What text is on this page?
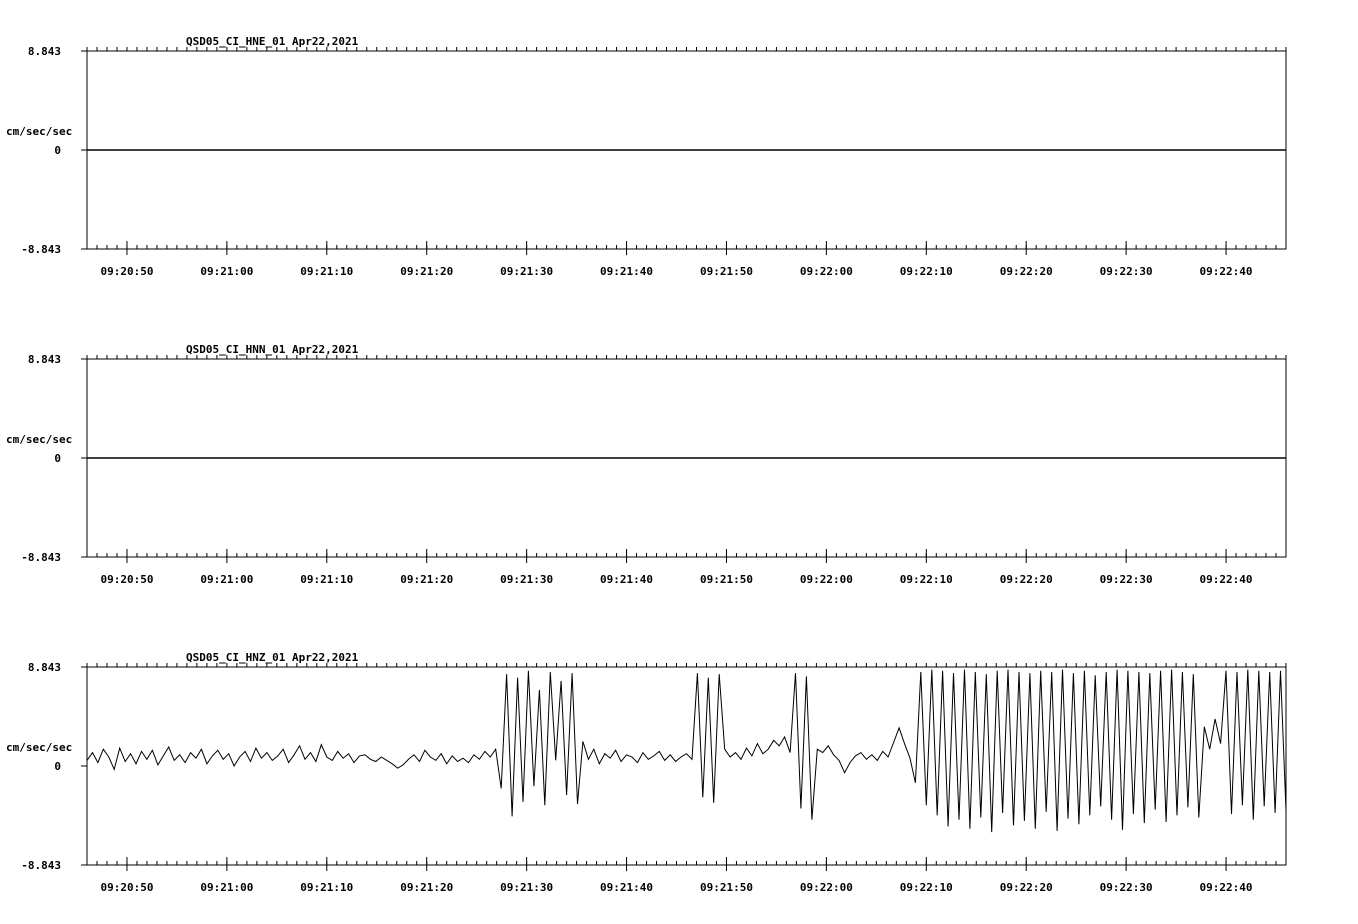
QSD05_CI_HNE_01 Apr22,2021
cm/sec/sec
8.843
0
-8.843
09:20:50	09:21:00	09:21:10	09:21:20	09:21:30	09:21:40	09:21:50	09:22:00	09:22:10	09:22:20	09:22:30	09:22:40
QSD05_CI_HNN_01 Apr22,2021
cm/sec/sec
8.843
0
-8.843
09:20:50	09:21:00	09:21:10	09:21:20	09:21:30	09:21:40	09:21:50	09:22:00	09:22:10	09:22:20	09:22:30	09:22:40
QSD05_CI_HNZ_01 Apr22,2021
cm/sec/sec
8.843
0
-8.843
09:20:50	09:21:00	09:21:10	09:21:20	09:21:30	09:21:40	09:21:50	09:22:00	09:22:10	09:22:20	09:22:30	09:22:40
